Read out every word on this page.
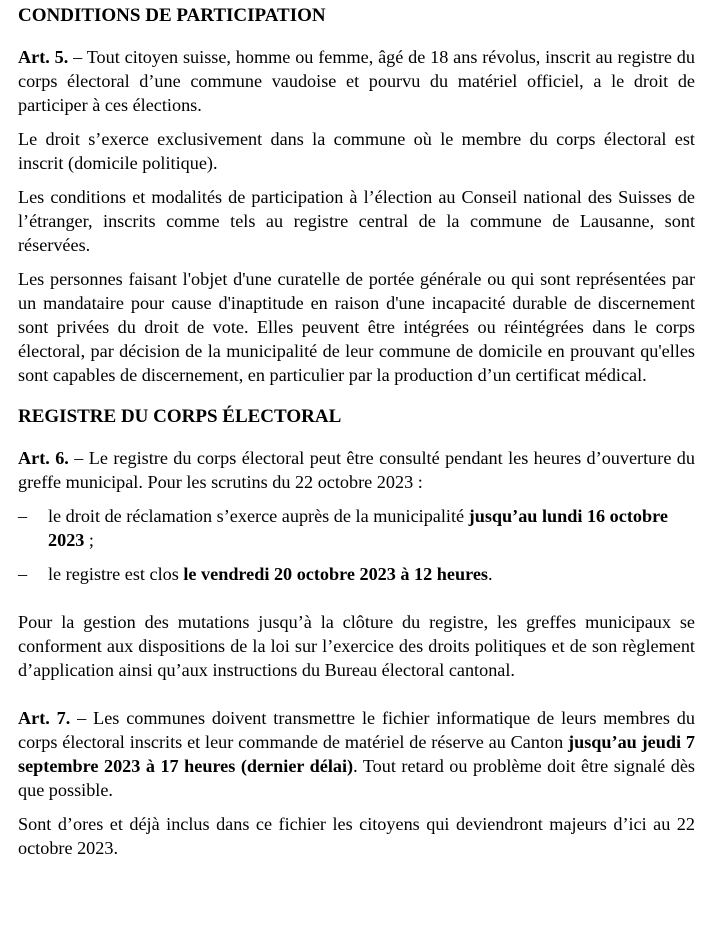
CONDITIONS DE PARTICIPATION
Art. 5. – Tout citoyen suisse, homme ou femme, âgé de 18 ans révolus, inscrit au registre du corps électoral d’une commune vaudoise et pourvu du matériel officiel, a le droit de participer à ces élections.
Le droit s’exerce exclusivement dans la commune où le membre du corps électoral est inscrit (domicile politique).
Les conditions et modalités de participation à l’élection au Conseil national des Suisses de l’étranger, inscrits comme tels au registre central de la commune de Lausanne, sont réservées.
Les personnes faisant l'objet d'une curatelle de portée générale ou qui sont représentées par un mandataire pour cause d'inaptitude en raison d'une incapacité durable de discernement sont privées du droit de vote. Elles peuvent être intégrées ou réintégrées dans le corps électoral, par décision de la municipalité de leur commune de domicile en prouvant qu'elles sont capables de discernement, en particulier par la production d’un certificat médical.
REGISTRE DU CORPS ÉLECTORAL
Art. 6. – Le registre du corps électoral peut être consulté pendant les heures d’ouverture du greffe municipal. Pour les scrutins du 22 octobre 2023 :
–	le droit de réclamation s’exerce auprès de la municipalité jusqu’au lundi 16 octobre 2023 ;
–	le registre est clos le vendredi 20 octobre 2023 à 12 heures.
Pour la gestion des mutations jusqu’à la clôture du registre, les greffes municipaux se conforment aux dispositions de la loi sur l’exercice des droits politiques et de son règlement d’application ainsi qu’aux instructions du Bureau électoral cantonal.
Art. 7. – Les communes doivent transmettre le fichier informatique de leurs membres du corps électoral inscrits et leur commande de matériel de réserve au Canton jusqu’au jeudi 7 septembre 2023 à 17 heures (dernier délai). Tout retard ou problème doit être signalé dès que possible.
Sont d’ores et déjà inclus dans ce fichier les citoyens qui deviendront majeurs d’ici au 22 octobre 2023.
